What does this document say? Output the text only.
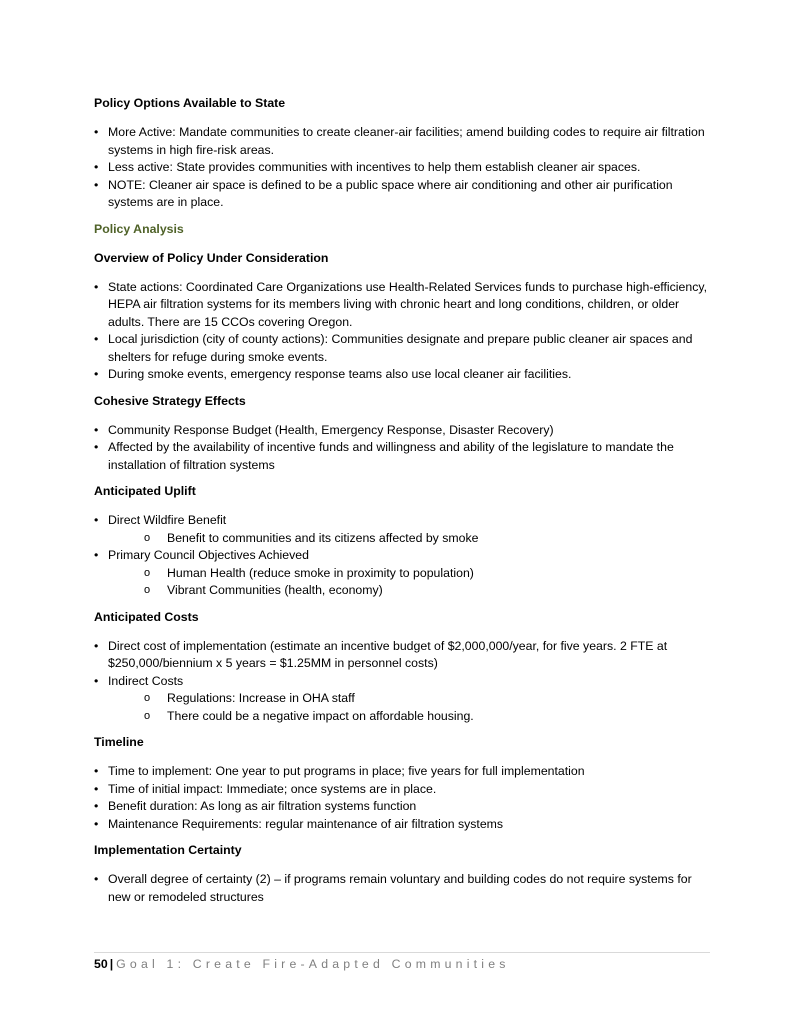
Policy Options Available to State
• More Active: Mandate communities to create cleaner-air facilities; amend building codes to require air filtration systems in high fire-risk areas.
• Less active: State provides communities with incentives to help them establish cleaner air spaces.
• NOTE: Cleaner air space is defined to be a public space where air conditioning and other air purification systems are in place.
Policy Analysis
Overview of Policy Under Consideration
• State actions: Coordinated Care Organizations use Health-Related Services funds to purchase high-efficiency, HEPA air filtration systems for its members living with chronic heart and long conditions, children, or older adults. There are 15 CCOs covering Oregon.
• Local jurisdiction (city of county actions): Communities designate and prepare public cleaner air spaces and shelters for refuge during smoke events.
• During smoke events, emergency response teams also use local cleaner air facilities.
Cohesive Strategy Effects
• Community Response Budget (Health, Emergency Response, Disaster Recovery)
• Affected by the availability of incentive funds and willingness and ability of the legislature to mandate the installation of filtration systems
Anticipated Uplift
• Direct Wildfire Benefit
o Benefit to communities and its citizens affected by smoke
• Primary Council Objectives Achieved
o Human Health (reduce smoke in proximity to population)
o Vibrant Communities (health, economy)
Anticipated Costs
• Direct cost of implementation (estimate an incentive budget of $2,000,000/year, for five years. 2 FTE at $250,000/biennium x 5 years = $1.25MM in personnel costs)
• Indirect Costs
o Regulations: Increase in OHA staff
o There could be a negative impact on affordable housing.
Timeline
• Time to implement: One year to put programs in place; five years for full implementation
• Time of initial impact: Immediate; once systems are in place.
• Benefit duration: As long as air filtration systems function
• Maintenance Requirements: regular maintenance of air filtration systems
Implementation Certainty
• Overall degree of certainty (2) – if programs remain voluntary and building codes do not require systems for new or remodeled structures
50 | Goal 1: Create Fire-Adapted Communities
